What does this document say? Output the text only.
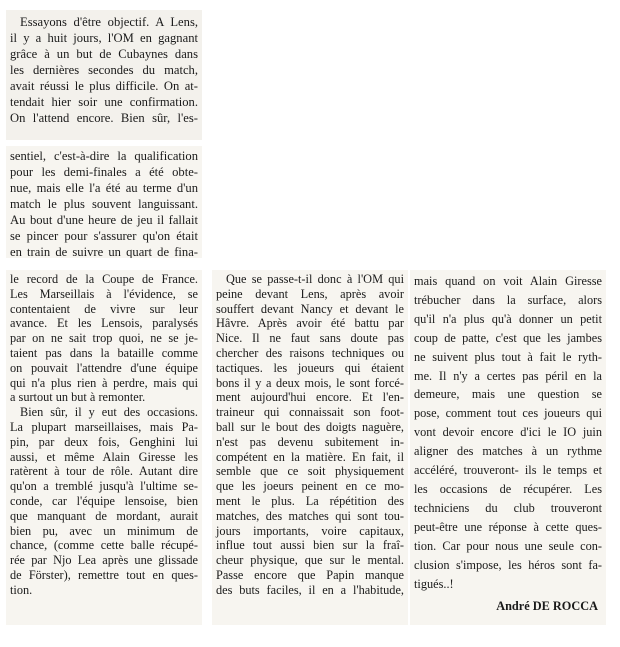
Essayons d'être objectif. A Lens,
il y a huit jours, l'OM en gagnant
grâce à un but de Cubaynes dans
les dernières secondes du match,
avait réussi le plus difficile. On at-
tendait hier soir une confirmation.
On l'attend encore. Bien sûr, l'es-
sentiel, c'est-à-dire la qualification
pour les demi-finales a été obte-
nue, mais elle l'a été au terme d'un
match le plus souvent languissant.
Au bout d'une heure de jeu il fallait
se pincer pour s'assurer qu'on était
en train de suivre un quart de fina-
le record de la Coupe de France.
Les Marseillais à l'évidence, se
contentaient de vivre sur leur
avance. Et les Lensois, paralysés
par on ne sait trop quoi, ne se je-
taient pas dans la bataille comme
on pouvait l'attendre d'une équipe
qui n'a plus rien à perdre, mais qui
a surtout un but à remonter.
Bien sûr, il y eut des occasions.
La plupart marseillaises, mais Pa-
pin, par deux fois, Genghini lui
aussi, et même Alain Giresse les
ratèrent à tour de rôle. Autant dire
qu'on a tremblé jusqu'à l'ultime se-
conde, car l'équipe lensoise, bien
que manquant de mordant, aurait
bien pu, avec un minimum de
chance, (comme cette balle récupé-
rée par Njo Lea après une glissade
de Förster), remettre tout en ques-
tion.
Que se passe-t-il donc à l'OM qui
peine devant Lens, après avoir
souffert devant Nancy et devant le
Hâvre. Après avoir été battu par
Nice. Il ne faut sans doute pas
chercher des raisons techniques ou
tactiques. les joueurs qui étaient
bons il y a deux mois, le sont forcé-
ment aujourd'hui encore. Et l'en-
traineur qui connaissait son foot-
ball sur le bout des doigts naguère,
n'est pas devenu subitement in-
compétent en la matière. En fait, il
semble que ce soit physiquement
que les joeurs peinent en ce mo-
ment le plus. La répétition des
matches, des matches qui sont tou-
jours importants, voire capitaux,
influe tout aussi bien sur la fraî-
cheur physique, que sur le mental.
Passe encore que Papin manque
des buts faciles, il en a l'habitude,
mais quand on voit Alain Giresse
trébucher dans la surface, alors
qu'il n'a plus qu'à donner un petit
coup de patte, c'est que les jambes
ne suivent plus tout à fait le ryth-
me. Il n'y a certes pas péril en la
demeure, mais une question se
pose, comment tout ces joueurs qui
vont devoir encore d'ici le IO juin
aligner des matches à un rythme
accéléré, trouveront- ils le temps et
les occasions de récupérer. Les
techniciens du club trouveront
peut-être une réponse à cette ques-
tion. Car pour nous une seule con-
clusion s'impose, les héros sont fa-
tigués..!
André DE ROCCA
